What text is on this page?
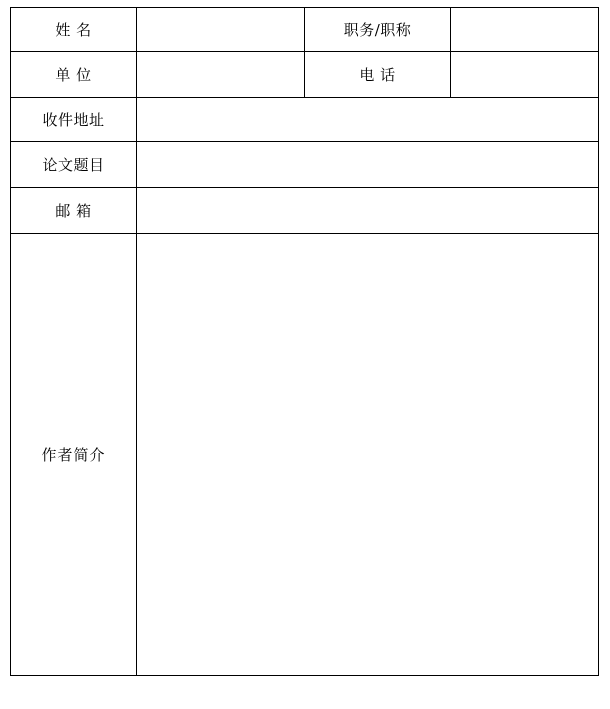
姓 名		职务/职称	
单 位		电 话	
收件地址			
论文题目			
邮 箱			
作者简介			
